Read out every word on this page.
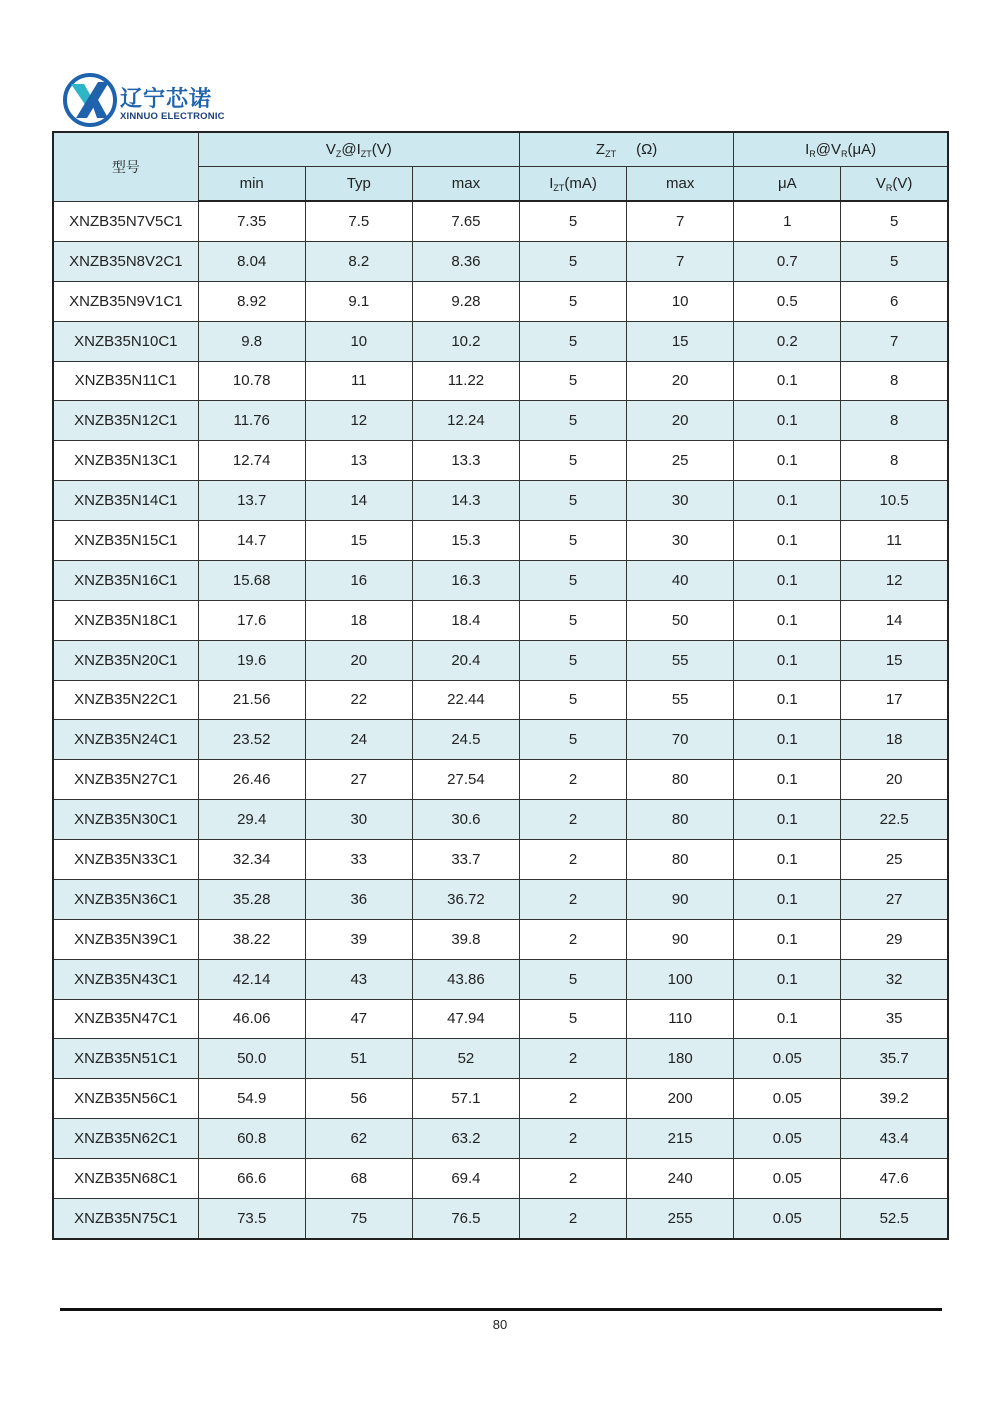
辽宁芯诺
XINNUO ELECTRONIC
型号	$V_Z@I_{ZT}(V)$			$Z_{ZT}$ (Ω)		$I_R@V_R(\mu A)$	
	min	Typ	max	$I_{ZT}(mA)$	max	μA	$V_R(V)$
XNZB35N7V5C1	7.35	7.5	7.65	5	7	1	5
XNZB35N8V2C1	8.04	8.2	8.36	5	7	0.7	5
XNZB35N9V1C1	8.92	9.1	9.28	5	10	0.5	6
XNZB35N10C1	9.8	10	10.2	5	15	0.2	7
XNZB35N11C1	10.78	11	11.22	5	20	0.1	8
XNZB35N12C1	11.76	12	12.24	5	20	0.1	8
XNZB35N13C1	12.74	13	13.3	5	25	0.1	8
XNZB35N14C1	13.7	14	14.3	5	30	0.1	10.5
XNZB35N15C1	14.7	15	15.3	5	30	0.1	11
XNZB35N16C1	15.68	16	16.3	5	40	0.1	12
XNZB35N18C1	17.6	18	18.4	5	50	0.1	14
XNZB35N20C1	19.6	20	20.4	5	55	0.1	15
XNZB35N22C1	21.56	22	22.44	5	55	0.1	17
XNZB35N24C1	23.52	24	24.5	5	70	0.1	18
XNZB35N27C1	26.46	27	27.54	2	80	0.1	20
XNZB35N30C1	29.4	30	30.6	2	80	0.1	22.5
XNZB35N33C1	32.34	33	33.7	2	80	0.1	25
XNZB35N36C1	35.28	36	36.72	2	90	0.1	27
XNZB35N39C1	38.22	39	39.8	2	90	0.1	29
XNZB35N43C1	42.14	43	43.86	5	100	0.1	32
XNZB35N47C1	46.06	47	47.94	5	110	0.1	35
XNZB35N51C1	50.0	51	52	2	180	0.05	35.7
XNZB35N56C1	54.9	56	57.1	2	200	0.05	39.2
XNZB35N62C1	60.8	62	63.2	2	215	0.05	43.4
XNZB35N68C1	66.6	68	69.4	2	240	0.05	47.6
XNZB35N75C1	73.5	75	76.5	2	255	0.05	52.5
80
